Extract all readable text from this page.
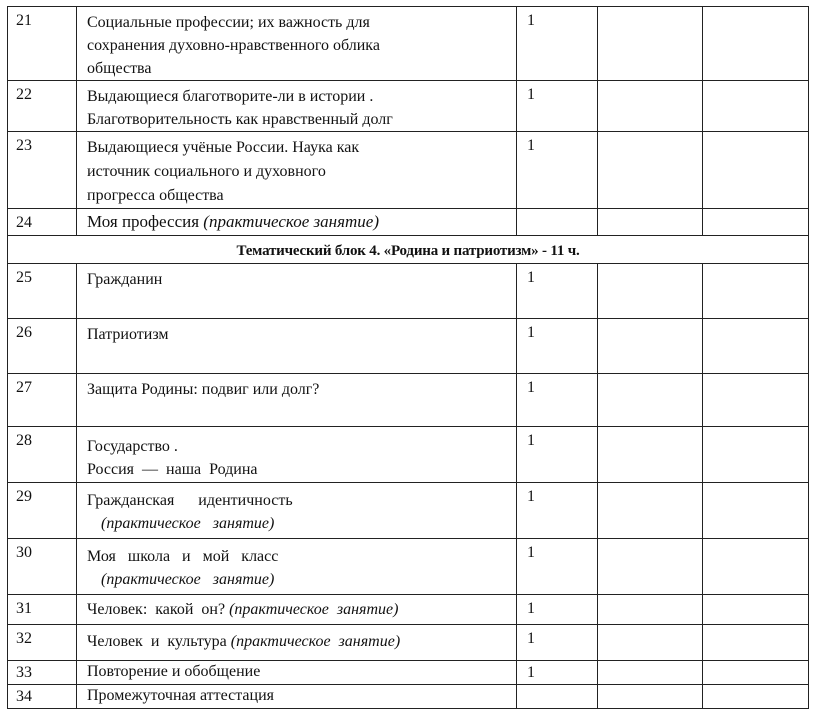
21	Социальные профессии; их важность для
сохранения духовно-нравственного облика
общества	1		
22	Выдающиеся благотворите-ли в истории .
Благотворительность как нравственный долг	1		
23	Выдающиеся учёные России. Наука как
источник социального и духовного
прогресса общества	1		
24	Моя профессия (практическое занятие)			
Тематический блок 4. «Родина и патриотизм» - 11 ч.				
25	Гражданин	1		
26	Патриотизм	1		
27	Защита Родины: подвиг или долг?	1		
28	Государство .
Россия  —  наша  Родина	1		
29	Гражданская      идентичность
(практическое   занятие)	1		
30	Моя   школа   и   мой   класс
(практическое   занятие)	1		
31	Человек:  какой  он? (практическое  занятие)	1		
32	Человек  и  культура (практическое  занятие)	1		
33	Повторение и обобщение	1		
34	Промежуточная аттестация			
